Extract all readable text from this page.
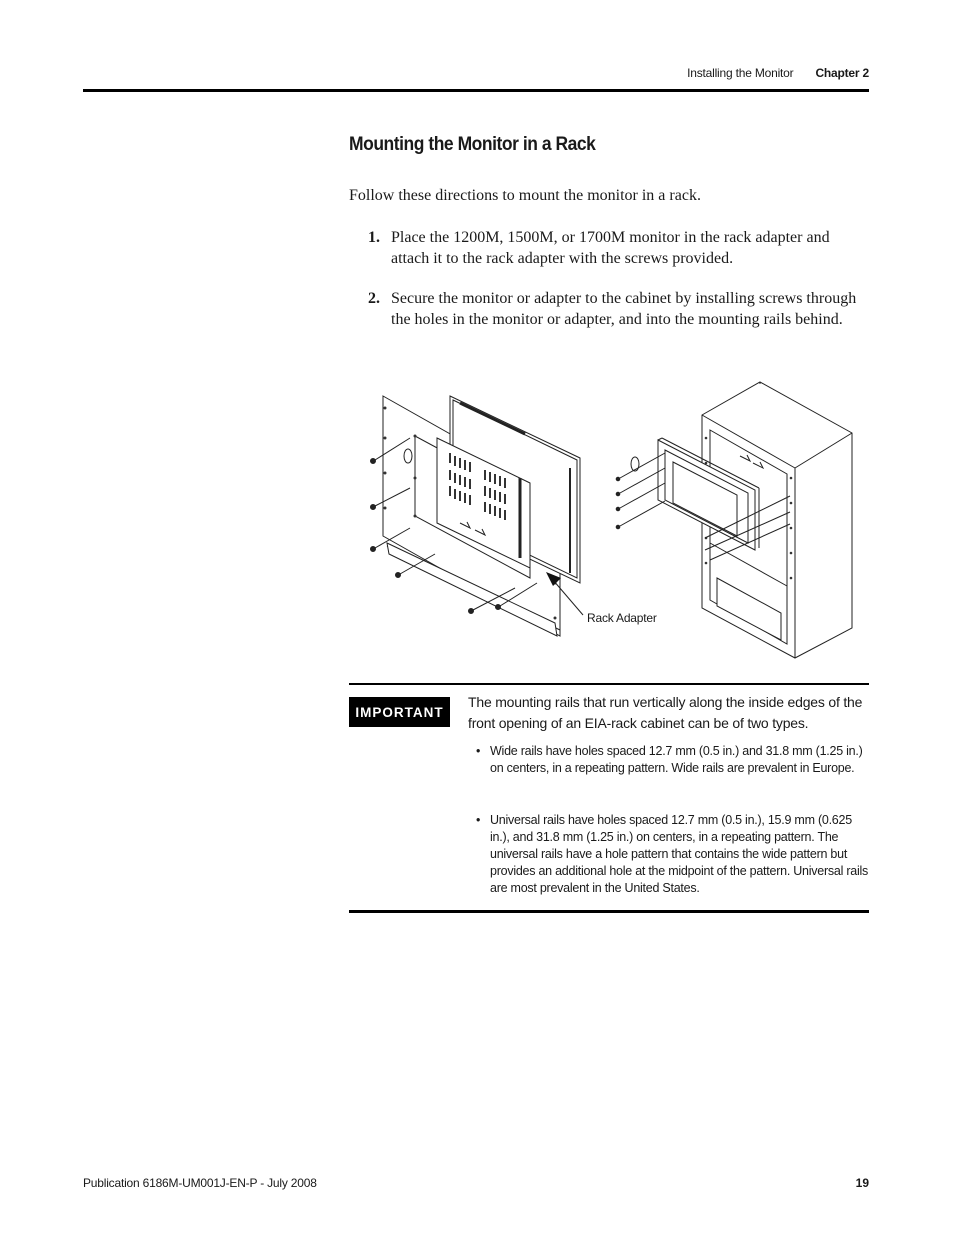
Installing the Monitor Chapter 2
Mounting the Monitor in a Rack

Follow these directions to mount the monitor in a rack.

1. Place the 1200M, 1500M, or 1700M monitor in the rack adapter and attach it to the rack adapter with the screws provided.
2. Secure the monitor or adapter to the cabinet by installing screws through the holes in the monitor or adapter, and into the mounting rails behind.
Rack Adapter
IMPORTANT

The mounting rails that run vertically along the inside edges of the front opening of an EIA-rack cabinet can be of two types.

• Wide rails have holes spaced 12.7 mm (0.5 in.) and 31.8 mm (1.25 in.) on centers, in a repeating pattern. Wide rails are prevalent in Europe.
• Universal rails have holes spaced 12.7 mm (0.5 in.), 15.9 mm (0.625 in.), and 31.8 mm (1.25 in.) on centers, in a repeating pattern. The universal rails have a hole pattern that contains the wide pattern but provides an additional hole at the midpoint of the pattern. Universal rails are most prevalent in the United States.
Publication 6186M-UM001J-EN-P - July 2008	19
